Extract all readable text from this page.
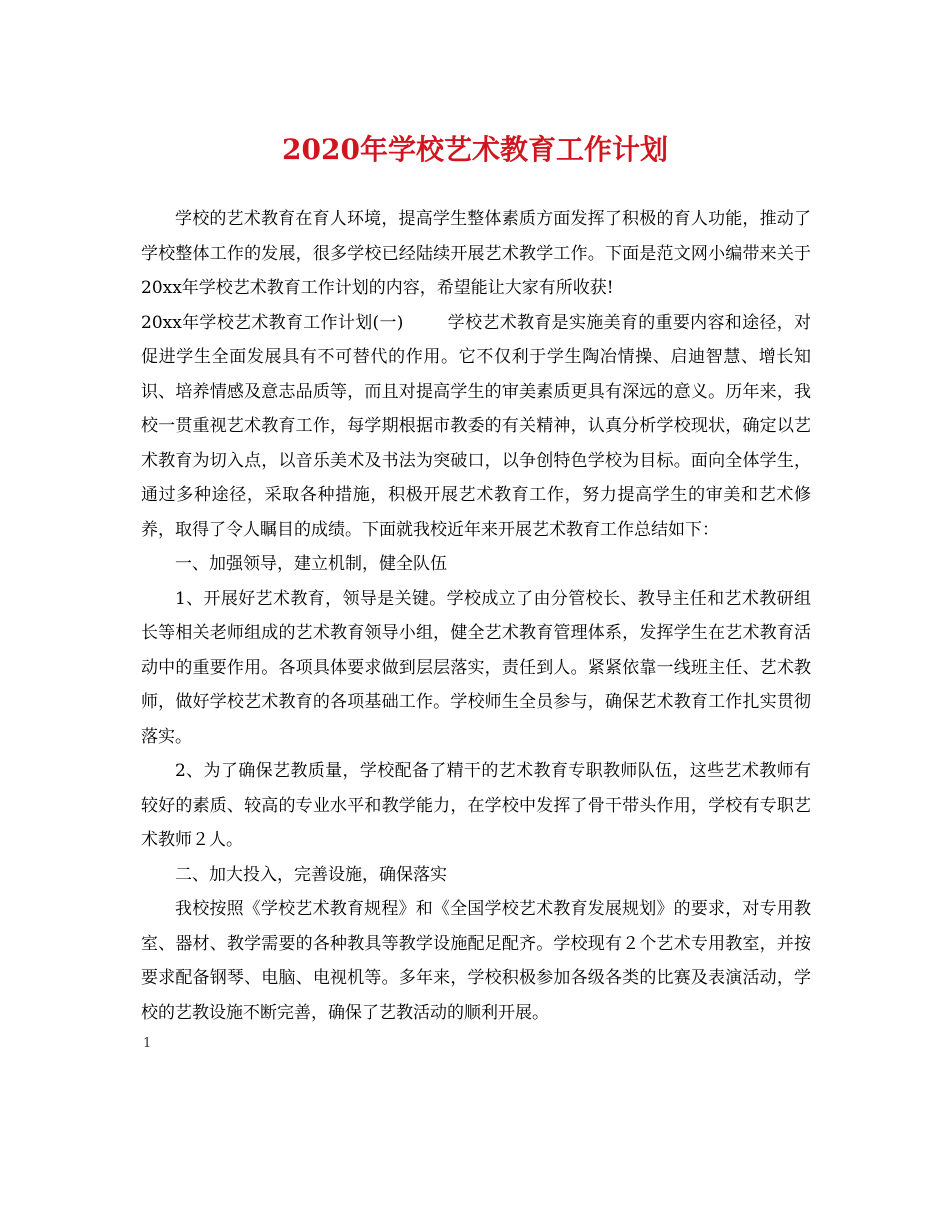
2020年学校艺术教育工作计划

学校的艺术教育在育人环境，提高学生整体素质方面发挥了积极的育人功能，推动了学校整体工作的发展，很多学校已经陆续开展艺术教学工作。下面是范文网小编带来关于20xx年学校艺术教育工作计划的内容，希望能让大家有所收获!

20xx年学校艺术教育工作计划(一)	学校艺术教育是实施美育的重要内容和途径，对促进学生全面发展具有不可替代的作用。它不仅利于学生陶冶情操、启迪智慧、增长知识、培养情感及意志品质等，而且对提高学生的审美素质更具有深远的意义。历年来，我校一贯重视艺术教育工作，每学期根据市教委的有关精神，认真分析学校现状，确定以艺术教育为切入点，以音乐美术及书法为突破口，以争创特色学校为目标。面向全体学生，通过多种途径，采取各种措施，积极开展艺术教育工作，努力提高学生的审美和艺术修养，取得了令人瞩目的成绩。下面就我校近年来开展艺术教育工作总结如下：

一、加强领导，建立机制，健全队伍

1、开展好艺术教育，领导是关键。学校成立了由分管校长、教导主任和艺术教研组长等相关老师组成的艺术教育领导小组，健全艺术教育管理体系，发挥学生在艺术教育活动中的重要作用。各项具体要求做到层层落实，责任到人。紧紧依靠一线班主任、艺术教师，做好学校艺术教育的各项基础工作。学校师生全员参与，确保艺术教育工作扎实贯彻落实。

2、为了确保艺教质量，学校配备了精干的艺术教育专职教师队伍，这些艺术教师有较好的素质、较高的专业水平和教学能力，在学校中发挥了骨干带头作用，学校有专职艺术教师２人。

二、加大投入，完善设施，确保落实

我校按照《学校艺术教育规程》和《全国学校艺术教育发展规划》的要求，对专用教室、器材、教学需要的各种教具等教学设施配足配齐。学校现有２个艺术专用教室，并按要求配备钢琴、电脑、电视机等。多年来，学校积极参加各级各类的比赛及表演活动，学校的艺教设施不断完善，确保了艺教活动的顺利开展。

1
